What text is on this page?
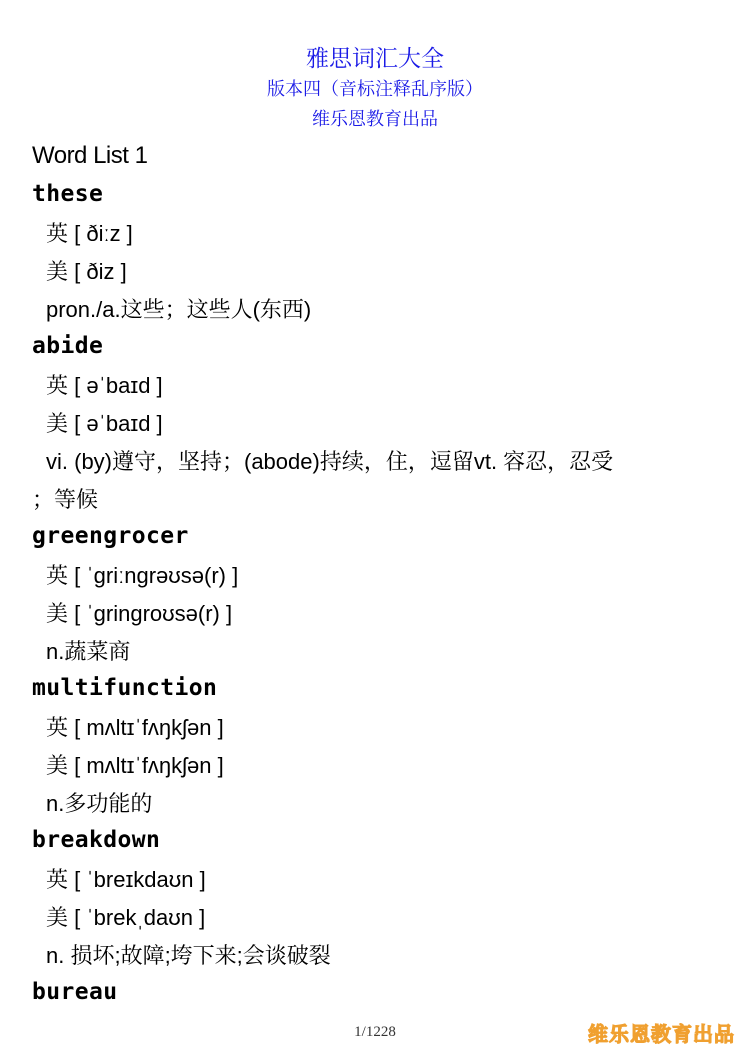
雅思词汇大全
版本四（音标注释乱序版）
维乐恩教育出品
Word List 1
these
英 [ ðiːz ]
美 [ ðiz ]
pron./a.这些；这些人(东西)
abide
英 [ əˈbaɪd ]
美 [ əˈbaɪd ]
vi. (by)遵守，坚持；(abode)持续，住，逗留vt. 容忍，忍受
；等候
greengrocer
英 [ ˈɡriːnɡrəʊsə(r) ]
美 [ ˈɡrinɡroʊsə(r) ]
n.蔬菜商
multifunction
英 [ mʌltɪˈfʌŋkʃən ]
美 [ mʌltɪˈfʌŋkʃən ]
n.多功能的
breakdown
英 [ ˈbreɪkdaʊn ]
美 [ ˈbrekˌdaʊn ]
n. 损坏;故障;垮下来;会谈破裂
bureau
1/1228	维乐恩教育出品
